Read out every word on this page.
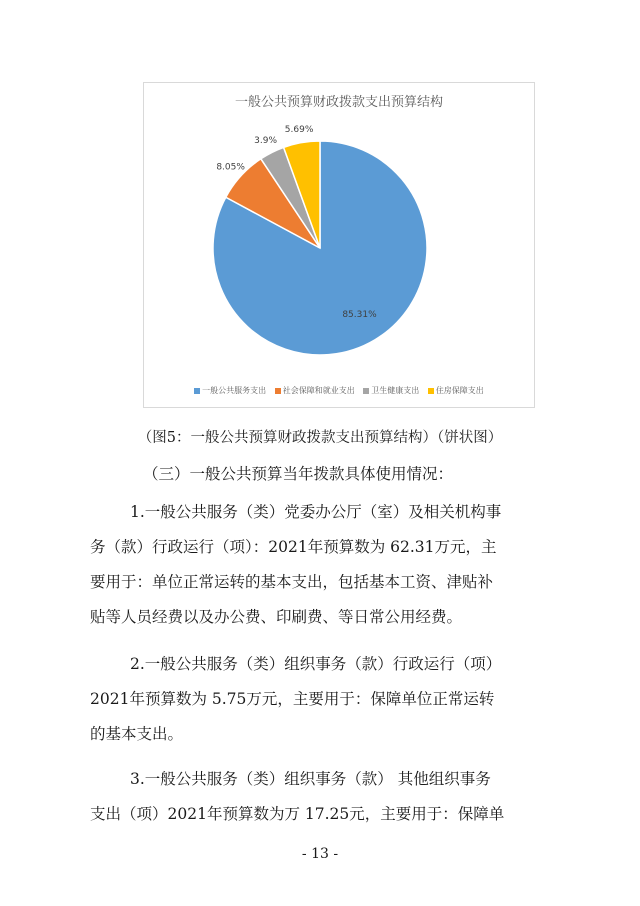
一般公共预算财政拨款支出预算结构
85.31%
8.05%
3.9%
5.69%
一般公共服务支出 社会保障和就业支出 卫生健康支出 住房保障支出
（图5：一般公共预算财政拨款支出预算结构）（饼状图）
（三）一般公共预算当年拨款具体使用情况：
1.一般公共服务（类）党委办公厅（室）及相关机构事
务（款）行政运行（项）：2021年预算数为 62.31万元，主
要用于：单位正常运转的基本支出，包括基本工资、津贴补
贴等人员经费以及办公费、印刷费、等日常公用经费。
2.一般公共服务（类）组织事务（款）行政运行（项）
2021年预算数为 5.75万元，主要用于：保障单位正常运转
的基本支出。
3.一般公共服务（类）组织事务（款） 其他组织事务
支出（项）2021年预算数为万 17.25元，主要用于：保障单
- 13 -
